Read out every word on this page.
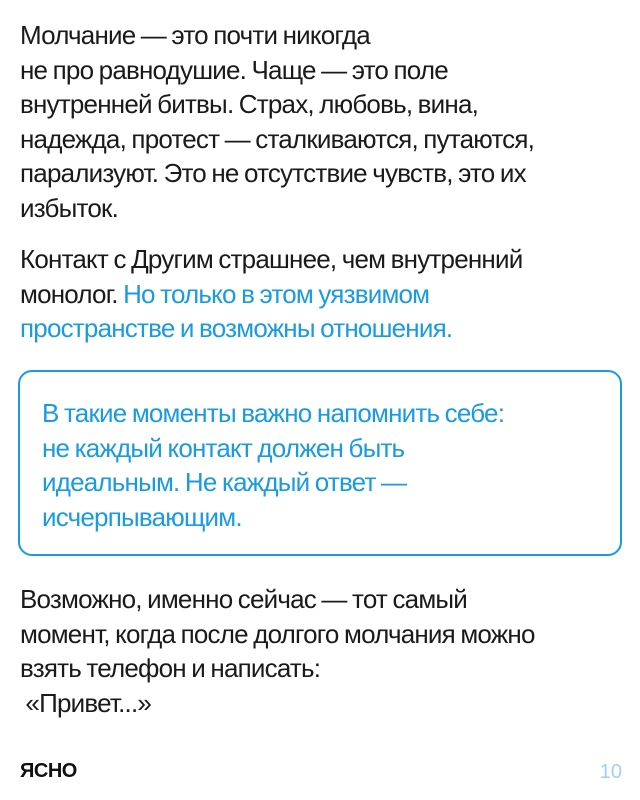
Молчание — это почти никогда
не про равнодушие. Чаще — это поле
внутренней битвы. Страх, любовь, вина,
надежда, протест — сталкиваются, путаются,
парализуют. Это не отсутствие чувств, это их
избыток.

Контакт с Другим страшнее, чем внутренний
монолог. Но только в этом уязвимом
пространстве и возможны отношения.

В такие моменты важно напомнить себе:
не каждый контакт должен быть
идеальным. Не каждый ответ —
исчерпывающим.

Возможно, именно сейчас — тот самый
момент, когда после долгого молчания можно
взять телефон и написать:
«Привет...»

ЯСНО	10
